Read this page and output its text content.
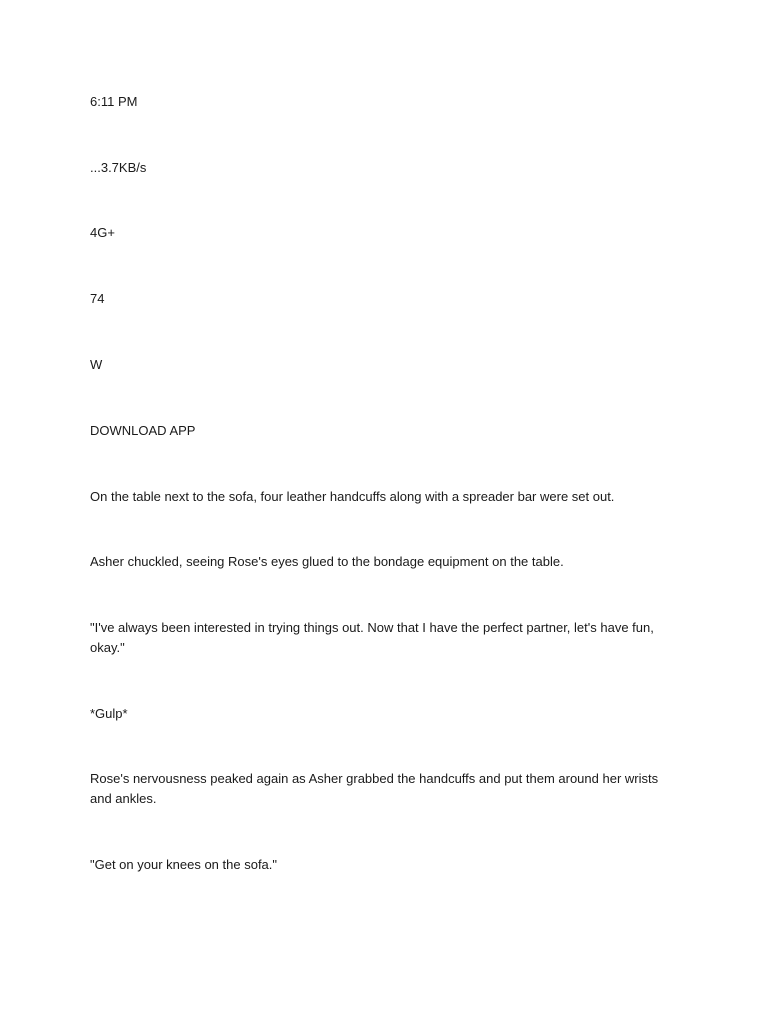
6:11 PM

...3.7KB/s

4G+

74

W

DOWNLOAD APP

On the table next to the sofa, four leather handcuffs along with a spreader bar were set out.

Asher chuckled, seeing Rose's eyes glued to the bondage equipment on the table.

"I've always been interested in trying things out. Now that I have the perfect partner, let's have fun, okay."

*Gulp*

Rose's nervousness peaked again as Asher grabbed the handcuffs and put them around her wrists and ankles.

"Get on your knees on the sofa."
